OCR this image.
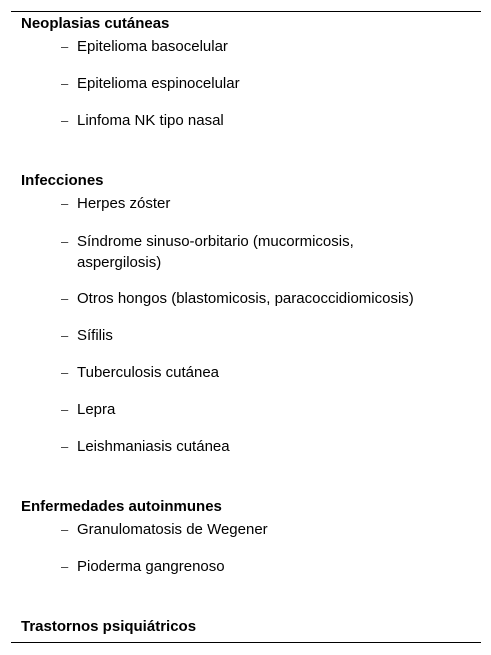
Neoplasias cutáneas
– Epitelioma basocelular
– Epitelioma espinocelular
– Linfoma NK tipo nasal
Infecciones
– Herpes zóster
– Síndrome sinuso-orbitario (mucormicosis, aspergilosis)
– Otros hongos (blastomicosis, paracoccidiomicosis)
– Sífilis
– Tuberculosis cutánea
– Lepra
– Leishmaniasis cutánea
Enfermedades autoinmunes
– Granulomatosis de Wegener
– Pioderma gangrenoso
Trastornos psiquiátricos
